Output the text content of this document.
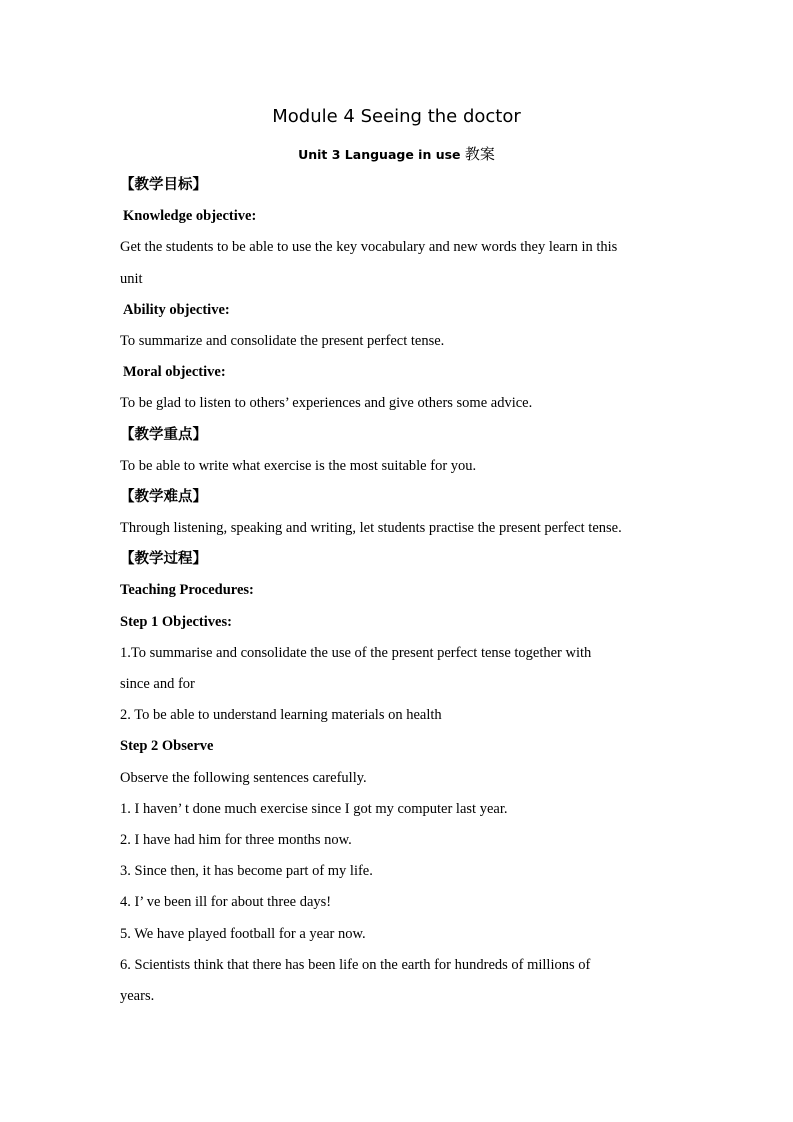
Module 4 Seeing the doctor
Unit 3 Language in use 教案
【教学目标】
Knowledge objective:
Get the students to be able to use the key vocabulary and new words they learn in this
unit
Ability objective:
To summarize and consolidate the present perfect tense.
Moral objective:
To be glad to listen to others’ experiences and give others some advice.
【教学重点】
To be able to write what exercise is the most suitable for you.
【教学难点】
Through listening, speaking and writing, let students practise the present perfect tense.
【教学过程】
Teaching Procedures:
Step 1 Objectives:
1.To summarise and consolidate the use of the present perfect tense together with
since and for
2. To be able to understand learning materials on health
Step 2 Observe
Observe the following sentences carefully.
1. I haven’ t done much exercise since I got my computer last year.
2. I have had him for three months now.
3. Since then, it has become part of my life.
4. I’ ve been ill for about three days!
5. We have played football for a year now.
6. Scientists think that there has been life on the earth for hundreds of millions of
years.
